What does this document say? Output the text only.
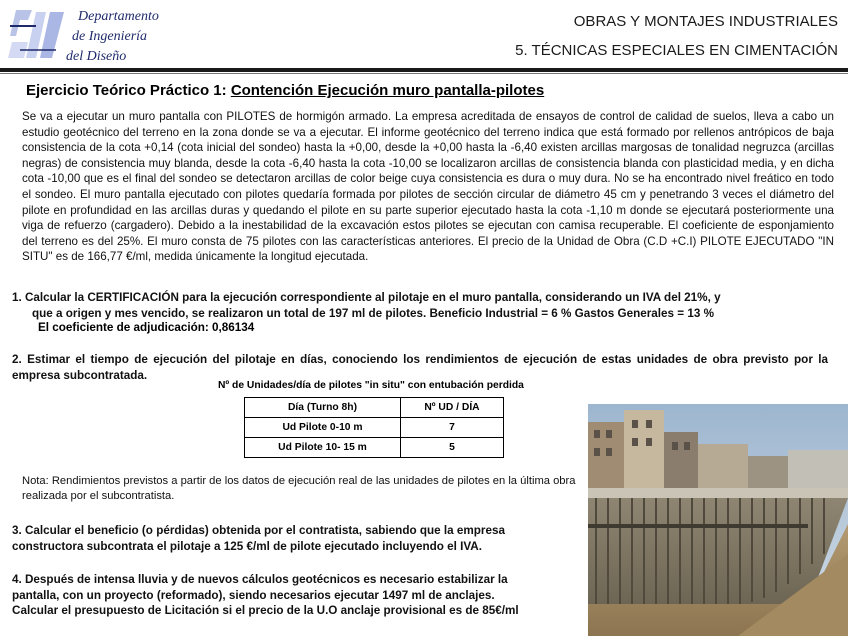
Departamento
de Ingeniería
del Diseño
OBRAS Y MONTAJES INDUSTRIALES
5. TÉCNICAS ESPECIALES EN CIMENTACIÓN
Ejercicio Teórico Práctico 1: Contención Ejecución muro pantalla-pilotes
Se va a ejecutar un muro pantalla con PILOTES de hormigón armado. La empresa acreditada de ensayos de control de calidad de suelos, lleva a cabo un estudio geotécnico del terreno en la zona donde se va a ejecutar. El informe geotécnico del terreno indica que está formado por rellenos antrópicos de baja consistencia de la cota +0,14 (cota inicial del sondeo) hasta la +0,00, desde la +0,00 hasta la -6,40 existen arcillas margosas de tonalidad negruzca (arcillas negras) de consistencia muy blanda, desde la cota -6,40 hasta la cota -10,00 se localizaron arcillas de consistencia blanda con plasticidad media, y en dicha cota -10,00 que es el final del sondeo se detectaron arcillas de color beige cuya consistencia es dura o muy dura. No se ha encontrado nivel freático en todo el sondeo. El muro pantalla ejecutado con pilotes quedaría formada por pilotes de sección circular de diámetro 45 cm y penetrando 3 veces el diámetro del pilote en profundidad en las arcillas duras y quedando el pilote en su parte superior ejecutado hasta la cota -1,10 m donde se ejecutará posteriormente una viga de refuerzo (cargadero). Debido a la inestabilidad de la excavación estos pilotes se ejecutan con camisa recuperable. El coeficiente de esponjamiento del terreno es del 25%. El muro consta de 75 pilotes con las características anteriores. El precio de la Unidad de Obra (C.D +C.I) PILOTE EJECUTADO "IN SITU" es de 166,77 €/ml, medida únicamente la longitud ejecutada.
1. Calcular la CERTIFICACIÓN para la ejecución correspondiente al pilotaje en el muro pantalla, considerando un IVA del 21%, y
que a origen y mes vencido, se realizaron un total de 197 ml de pilotes. Beneficio Industrial = 6 % Gastos Generales = 13 %
El coeficiente de adjudicación: 0,86134
2. Estimar el tiempo de ejecución del pilotaje en días, conociendo los rendimientos de ejecución de estas unidades de obra previsto por la empresa subcontratada.
Nº de Unidades/día de pilotes "in situ" con entubación perdida
Día (Turno 8h)	Nº UD / DÍA
Ud Pilote 0-10 m	7
Ud Pilote 10- 15 m	5
Nota: Rendimientos previstos a partir de los datos de ejecución real de las unidades de pilotes en la última obra realizada por el subcontratista.
3. Calcular el beneficio (o pérdidas) obtenida por el contratista, sabiendo que la empresa
constructora subcontrata el pilotaje a 125 €/ml de pilote ejecutado incluyendo el IVA.
4. Después de intensa lluvia y de nuevos cálculos geotécnicos es necesario estabilizar la
pantalla, con un proyecto (reformado), siendo necesarios ejecutar 1497 ml de anclajes.
Calcular el presupuesto de Licitación si el precio de la U.O anclaje provisional es de 85€/ml
